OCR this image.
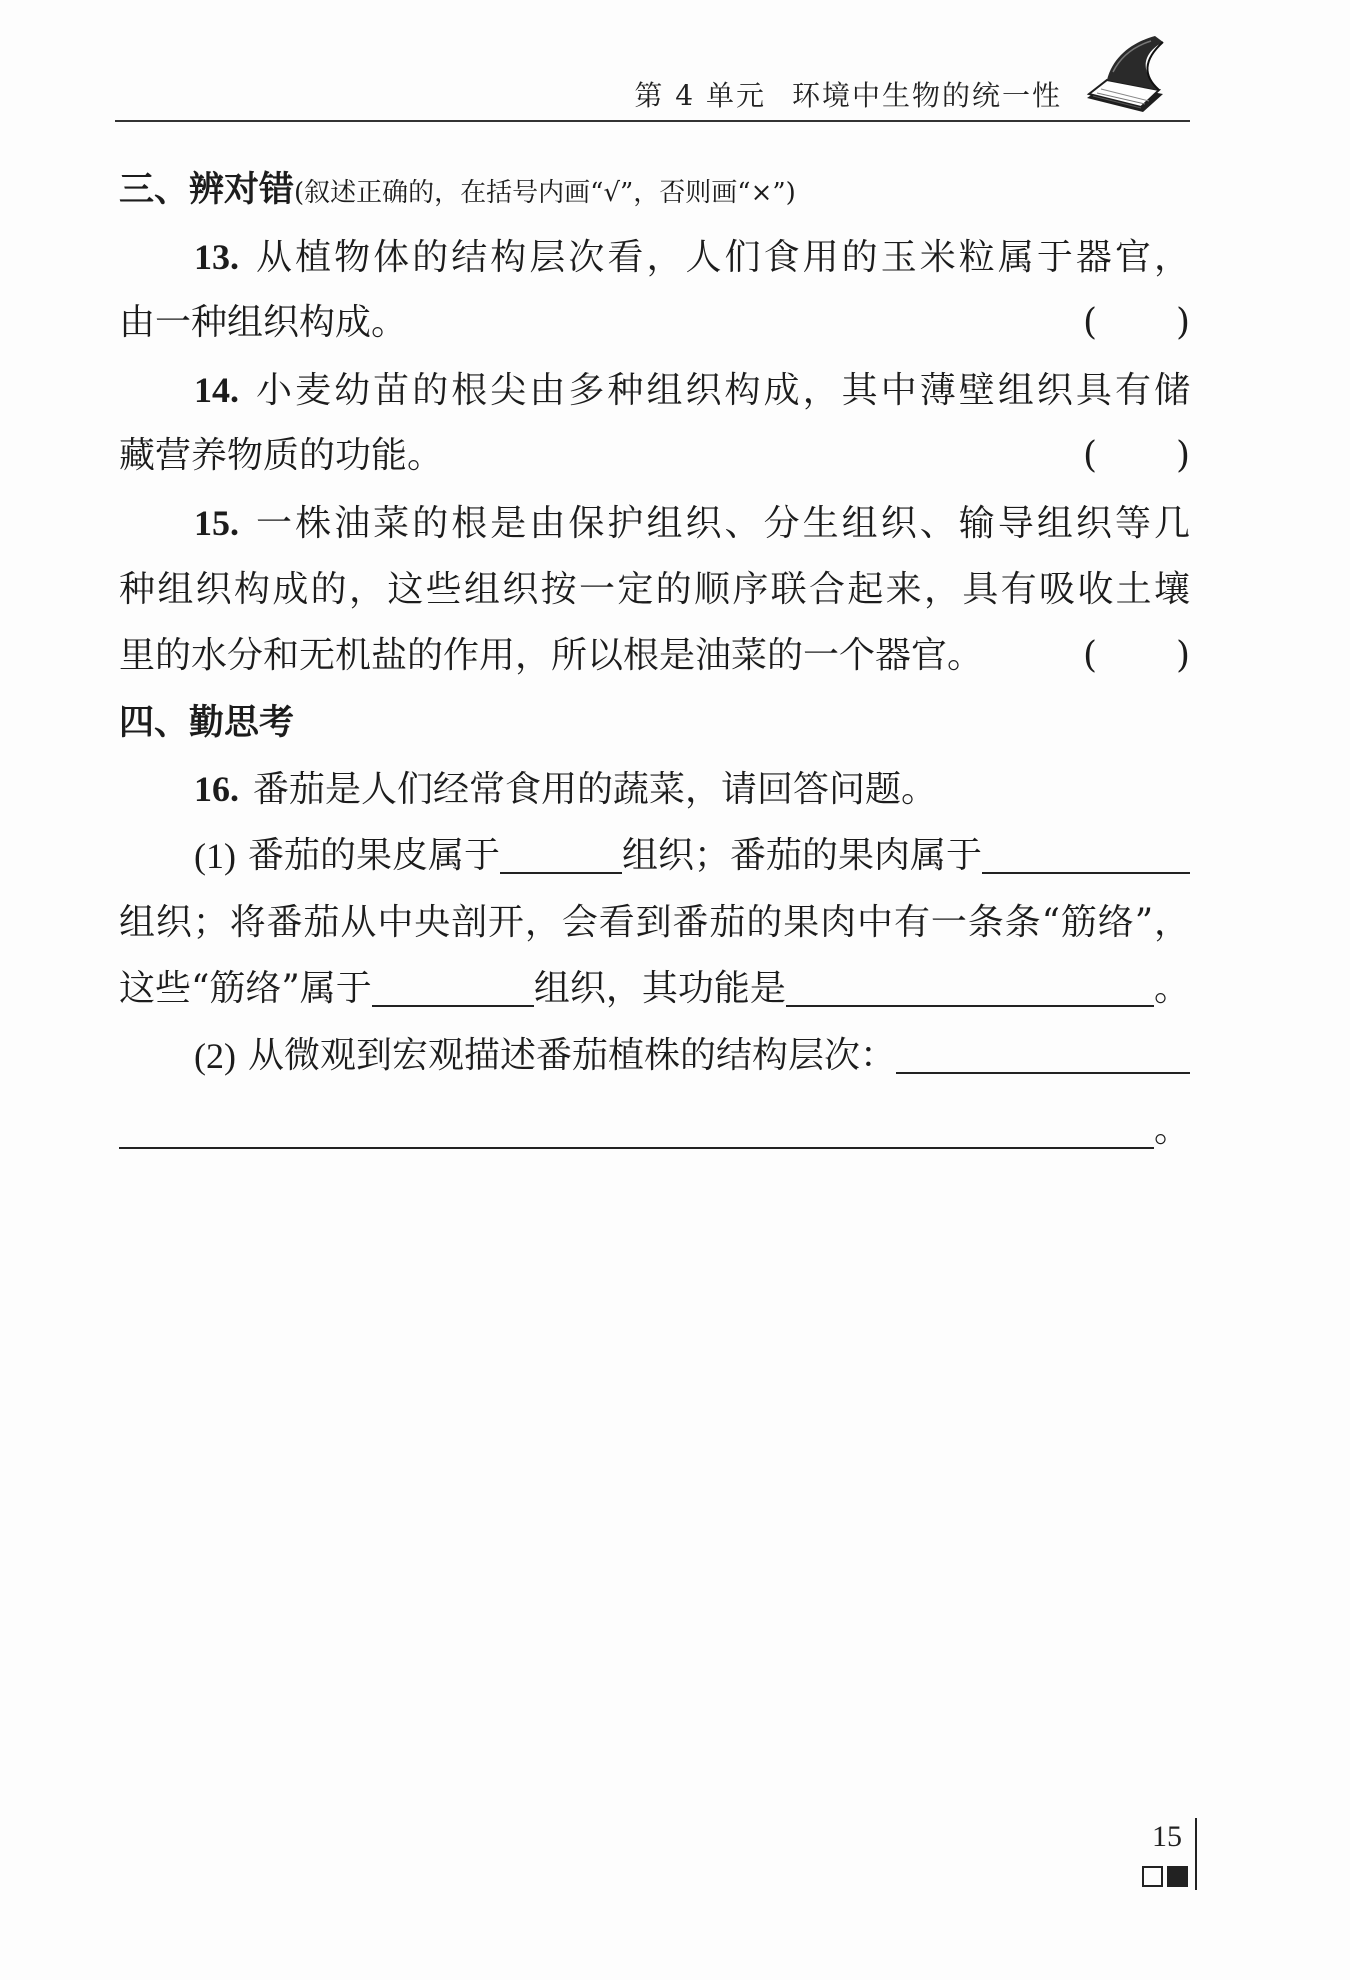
第 4 单元 环境中生物的统一性
三、辨对错(叙述正确的，在括号内画“√”，否则画“×”)
13. 从植物体的结构层次看，人们食用的玉米粒属于器官，
由一种组织构成。	( )
14. 小麦幼苗的根尖由多种组织构成，其中薄壁组织具有储
藏营养物质的功能。	( )
15. 一株油菜的根是由保护组织、分生组织、输导组织等几
种组织构成的，这些组织按一定的顺序联合起来，具有吸收土壤
里的水分和无机盐的作用，所以根是油菜的一个器官。	( )
四、勤思考
16. 番茄是人们经常食用的蔬菜，请回答问题。
(1) 番茄的果皮属于	组织；番茄的果肉属于
组织；将番茄从中央剖开，会看到番茄的果肉中有一条条“筋络”，
这些“筋络”属于	组织，其功能是	。
(2) 从微观到宏观描述番茄植株的结构层次：
。
15
